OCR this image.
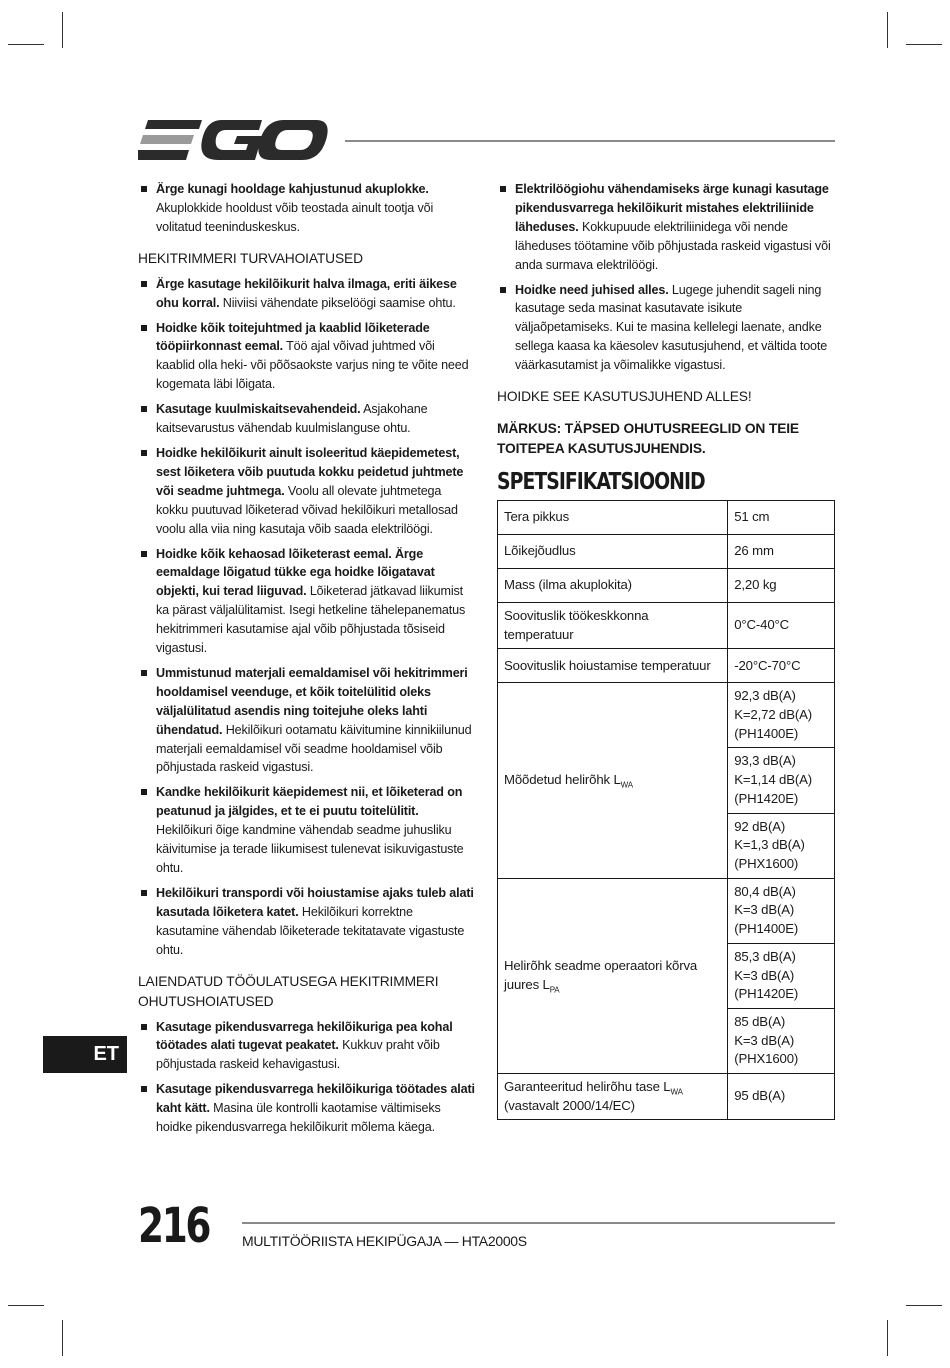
Ärge kunagi hooldage kahjustunud akuplokke. Akuplokkide hooldust võib teostada ainult tootja või volitatud teeninduskeskus.
HEKITRIMMERI TURVAHOIATUSED
Ärge kasutage hekilõikurit halva ilmaga, eriti äikese ohu korral. Niiviisi vähendate pikselöögi saamise ohtu.
Hoidke kõik toitejuhtmed ja kaablid lõiketerade tööpiirkonnast eemal. Töö ajal võivad juhtmed või kaablid olla heki- või põõsaokste varjus ning te võite need kogemata läbi lõigata.
Kasutage kuulmiskaitsevahendeid. Asjakohane kaitsevarustus vähendab kuulmislanguse ohtu.
Hoidke hekilõikurit ainult isoleeritud käepidemetest, sest lõiketera võib puutuda kokku peidetud juhtmete või seadme juhtmega. Voolu all olevate juhtmetega kokku puutuvad lõiketerad võivad hekilõikuri metallosad voolu alla viia ning kasutaja võib saada elektrilöögi.
Hoidke kõik kehaosad lõiketerast eemal. Ärge eemaldage lõigatud tükke ega hoidke lõigatavat objekti, kui terad liiguvad. Lõiketerad jätkavad liikumist ka pärast väljalülitamist. Isegi hetkeline tähelepanematus hekitrimmeri kasutamise ajal võib põhjustada tõsiseid vigastusi.
Ummistunud materjali eemaldamisel või hekitrimmeri hooldamisel veenduge, et kõik toitelülitid oleks väljalülitatud asendis ning toitejuhe oleks lahti ühendatud. Hekilõikuri ootamatu käivitumine kinnikiilunud materjali eemaldamisel või seadme hooldamisel võib põhjustada raskeid vigastusi.
Kandke hekilõikurit käepidemest nii, et lõiketerad on peatunud ja jälgides, et te ei puutu toitelülitit. Hekilõikuri õige kandmine vähendab seadme juhusliku käivitumise ja terade liikumisest tulenevat isikuvigastuste ohtu.
Hekilõikuri transpordi või hoiustamise ajaks tuleb alati kasutada lõiketera katet. Hekilõikuri korrektne kasutamine vähendab lõiketerade tekitatavate vigastuste ohtu.
LAIENDATUD TÖÖULATUSEGA HEKITRIMMERI OHUTUSHOIATUSED
Kasutage pikendusvarrega hekilõikuriga pea kohal töötades alati tugevat peakatet. Kukkuv praht võib põhjustada raskeid kehavigastusi.
Kasutage pikendusvarrega hekilõikuriga töötades alati kaht kätt. Masina üle kontrolli kaotamise vältimiseks hoidke pikendusvarrega hekilõikurit mõlema käega.
Elektrilöögiohu vähendamiseks ärge kunagi kasutage pikendusvarrega hekilõikurit mistahes elektriliinide läheduses. Kokkupuude elektriliinidega või nende läheduses töötamine võib põhjustada raskeid vigastusi või anda surmava elektrilöögi.
Hoidke need juhised alles. Lugege juhendit sageli ning kasutage seda masinat kasutavate isikute väljaõpetamiseks. Kui te masina kellelegi laenate, andke sellega kaasa ka käesolev kasutusjuhend, et vältida toote väärkasutamist ja võimalikke vigastusi.
HOIDKE SEE KASUTUSJUHEND ALLES!
MÄRKUS: TÄPSED OHUTUSREEGLID ON TEIE TOITEPEA KASUTUSJUHENDIS.
SPETSIFIKATSIOONID
Tera pikkus	51 cm
Lõikejõudlus	26 mm
Mass (ilma akuplokita)	2,20 kg
Soovituslik töökeskkonna temperatuur	0°C-40°C
Soovituslik hoiustamise temperatuur	-20°C-70°C
Mõõdetud helirõhk $L_{WA}$	92,3 dB(A)
K=2,72 dB(A)
(PH1400E)

	93,3 dB(A)
K=1,14 dB(A)
(PH1420E)

	92 dB(A)
K=1,3 dB(A)
(PHX1600)

Helirõhk seadme operaatori kõrva juures $L_{PA}$	80,4 dB(A)
K=3 dB(A)
(PH1400E)

	85,3 dB(A)
K=3 dB(A)
(PH1420E)

	85 dB(A)
K=3 dB(A)
(PHX1600)

Garanteeritud helirõhu tase $L_{WA}$
(vastavalt 2000/14/EC)	95 dB(A)
ET
216 MULTITÖÖRIISTA HEKIPÜGAJA — HTA2000S
